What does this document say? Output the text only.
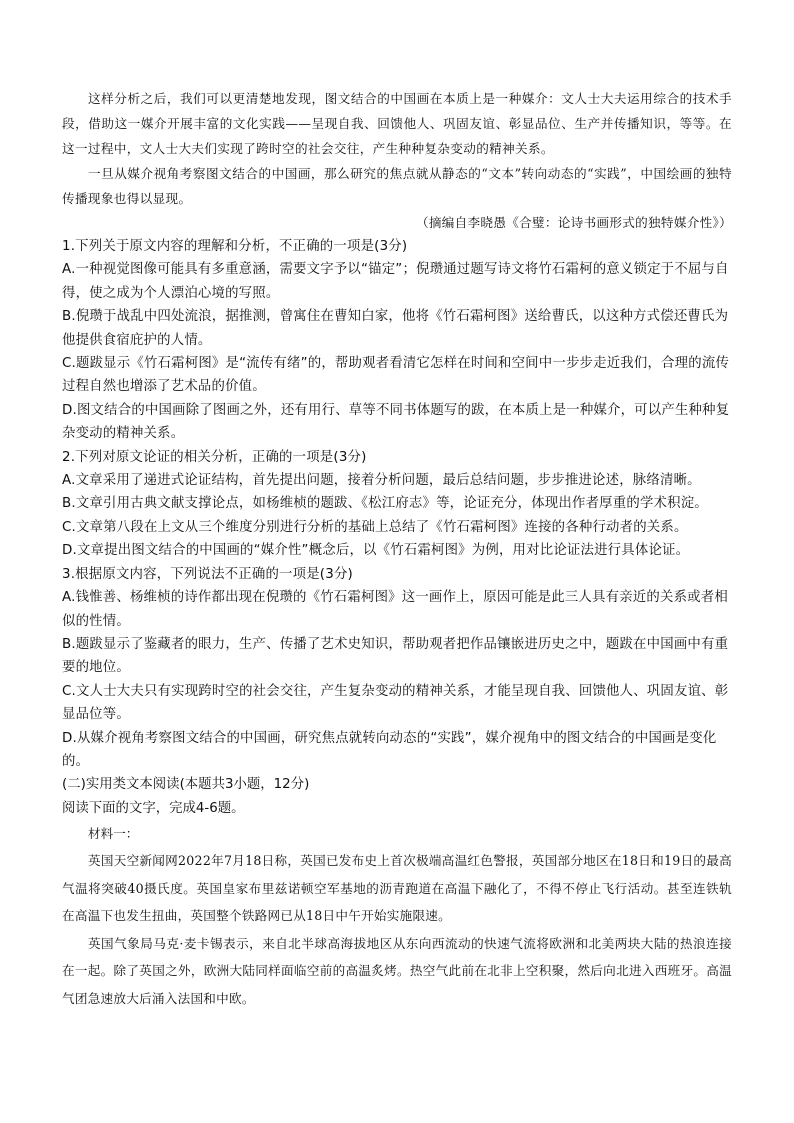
这样分析之后，我们可以更清楚地发现，图文结合的中国画在本质上是一种媒介：文人士大夫运用综合的技术手段，借助这一媒介开展丰富的文化实践——呈现自我、回馈他人、巩固友谊、彰显品位、生产并传播知识，等等。在这一过程中，文人士大夫们实现了跨时空的社会交往，产生种种复杂变动的精神关系。

一旦从媒介视角考察图文结合的中国画，那么研究的焦点就从静态的“文本”转向动态的“实践”，中国绘画的独特传播现象也得以显现。

（摘编自李晓愚《合璧：论诗书画形式的独特媒介性》）

1.下列关于原文内容的理解和分析，不正确的一项是(3分)

A.一种视觉图像可能具有多重意涵，需要文字予以“锚定”；倪瓒通过题写诗文将竹石霜柯的意义锁定于不屈与自得，使之成为个人漂泊心境的写照。

B.倪瓒于战乱中四处流浪，据推测，曾寓住在曹知白家，他将《竹石霜柯图》送给曹氏，以这种方式偿还曹氏为他提供食宿庇护的人情。

C.题跋显示《竹石霜柯图》是“流传有绪”的，帮助观者看清它怎样在时间和空间中一步步走近我们，合理的流传过程自然也增添了艺术品的价值。

D.图文结合的中国画除了图画之外，还有用行、草等不同书体题写的跋，在本质上是一种媒介，可以产生种种复杂变动的精神关系。

2.下列对原文论证的相关分析，正确的一项是(3分)

A.文章采用了递进式论证结构，首先提出问题，接着分析问题，最后总结问题，步步推进论述，脉络清晰。

B.文章引用古典文献支撑论点，如杨维桢的题跋、《松江府志》等，论证充分，体现出作者厚重的学术积淀。

C.文章第八段在上文从三个维度分别进行分析的基础上总结了《竹石霜柯图》连接的各种行动者的关系。

D.文章提出图文结合的中国画的“媒介性”概念后，以《竹石霜柯图》为例，用对比论证法进行具体论证。

3.根据原文内容，下列说法不正确的一项是(3分)

A.钱惟善、杨维桢的诗作都出现在倪瓒的《竹石霜柯图》这一画作上，原因可能是此三人具有亲近的关系或者相似的性情。

B.题跋显示了鉴藏者的眼力，生产、传播了艺术史知识，帮助观者把作品镶嵌进历史之中，题跋在中国画中有重要的地位。

C.文人士大夫只有实现跨时空的社会交往，产生复杂变动的精神关系，才能呈现自我、回馈他人、巩固友谊、彰显品位等。

D.从媒介视角考察图文结合的中国画，研究焦点就转向动态的“实践”，媒介视角中的图文结合的中国画是变化的。

(二)实用类文本阅读(本题共3小题，12分)

阅读下面的文字，完成4-6题。

材料一：

英国天空新闻网2022年7月18日称，英国已发布史上首次极端高温红色警报，英国部分地区在18日和19日的最高气温将突破40摄氏度。英国皇家布里兹诺顿空军基地的沥青跑道在高温下融化了，不得不停止飞行活动。甚至连铁轨在高温下也发生扭曲，英国整个铁路网已从18日中午开始实施限速。

英国气象局马克·麦卡锡表示，来自北半球高海拔地区从东向西流动的快速气流将欧洲和北美两块大陆的热浪连接在一起。除了英国之外，欧洲大陆同样面临空前的高温炙烤。热空气此前在北非上空积聚，然后向北进入西班牙。高温气团急速放大后涌入法国和中欧。
